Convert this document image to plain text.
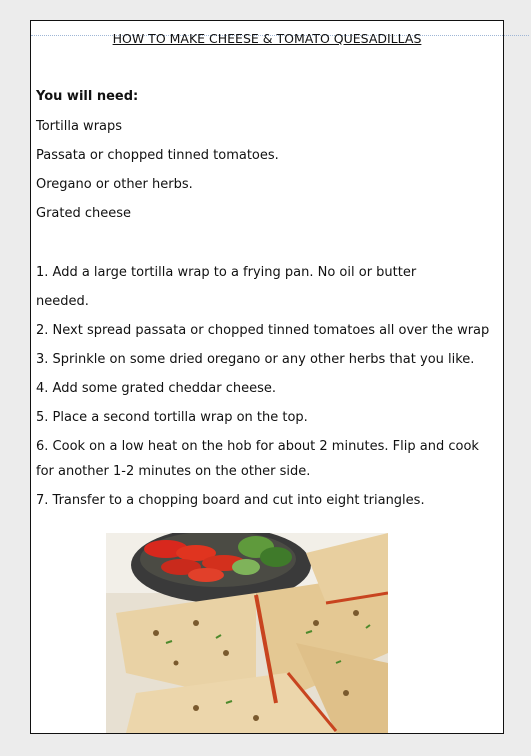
HOW TO MAKE CHEESE & TOMATO QUESADILLAS

You will need:

Tortilla wraps
Passata or chopped tinned tomatoes.
Oregano or other herbs.
Grated cheese
1. Add a large tortilla wrap to a frying pan. No oil or butter
needed.
2. Next spread passata or chopped tinned tomatoes all over the wrap
3. Sprinkle on some dried oregano or any other herbs that you like.
4. Add some grated cheddar cheese.
5. Place a second tortilla wrap on the top.
6. Cook on a low heat on the hob for about 2 minutes. Flip and cook
for another 1-2 minutes on the other side.
7. Transfer to a chopping board and cut into eight triangles.
